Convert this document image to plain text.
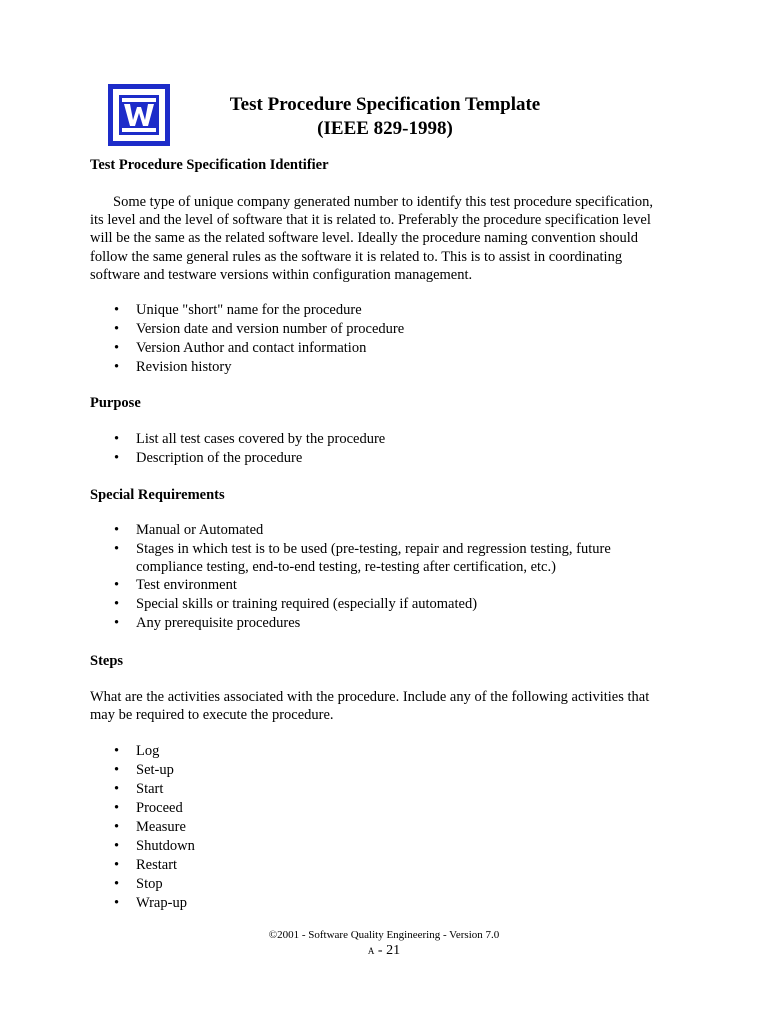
Test Procedure Specification Template
(IEEE 829-1998)
Test Procedure Specification Identifier
Some type of unique company generated number to identify this test procedure specification,
its level and the level of software that it is related to. Preferably the procedure specification level
will be the same as the related software level. Ideally the procedure naming convention should
follow the same general rules as the software it is related to. This is to assist in coordinating
software and testware versions within configuration management.
• Unique "short" name for the procedure
• Version date and version number of procedure
• Version Author and contact information
• Revision history
Purpose
• List all test cases covered by the procedure
• Description of the procedure
Special Requirements
• Manual or Automated
• Stages in which test is to be used (pre-testing, repair and regression testing, future
compliance testing, end-to-end testing, re-testing after certification, etc.)
• Test environment
• Special skills or training required (especially if automated)
• Any prerequisite procedures
Steps
What are the activities associated with the procedure. Include any of the following activities that
may be required to execute the procedure.
• Log
• Set-up
• Start
• Proceed
• Measure
• Shutdown
• Restart
• Stop
• Wrap-up
©2001 - Software Quality Engineering - Version 7.0
A - 21
